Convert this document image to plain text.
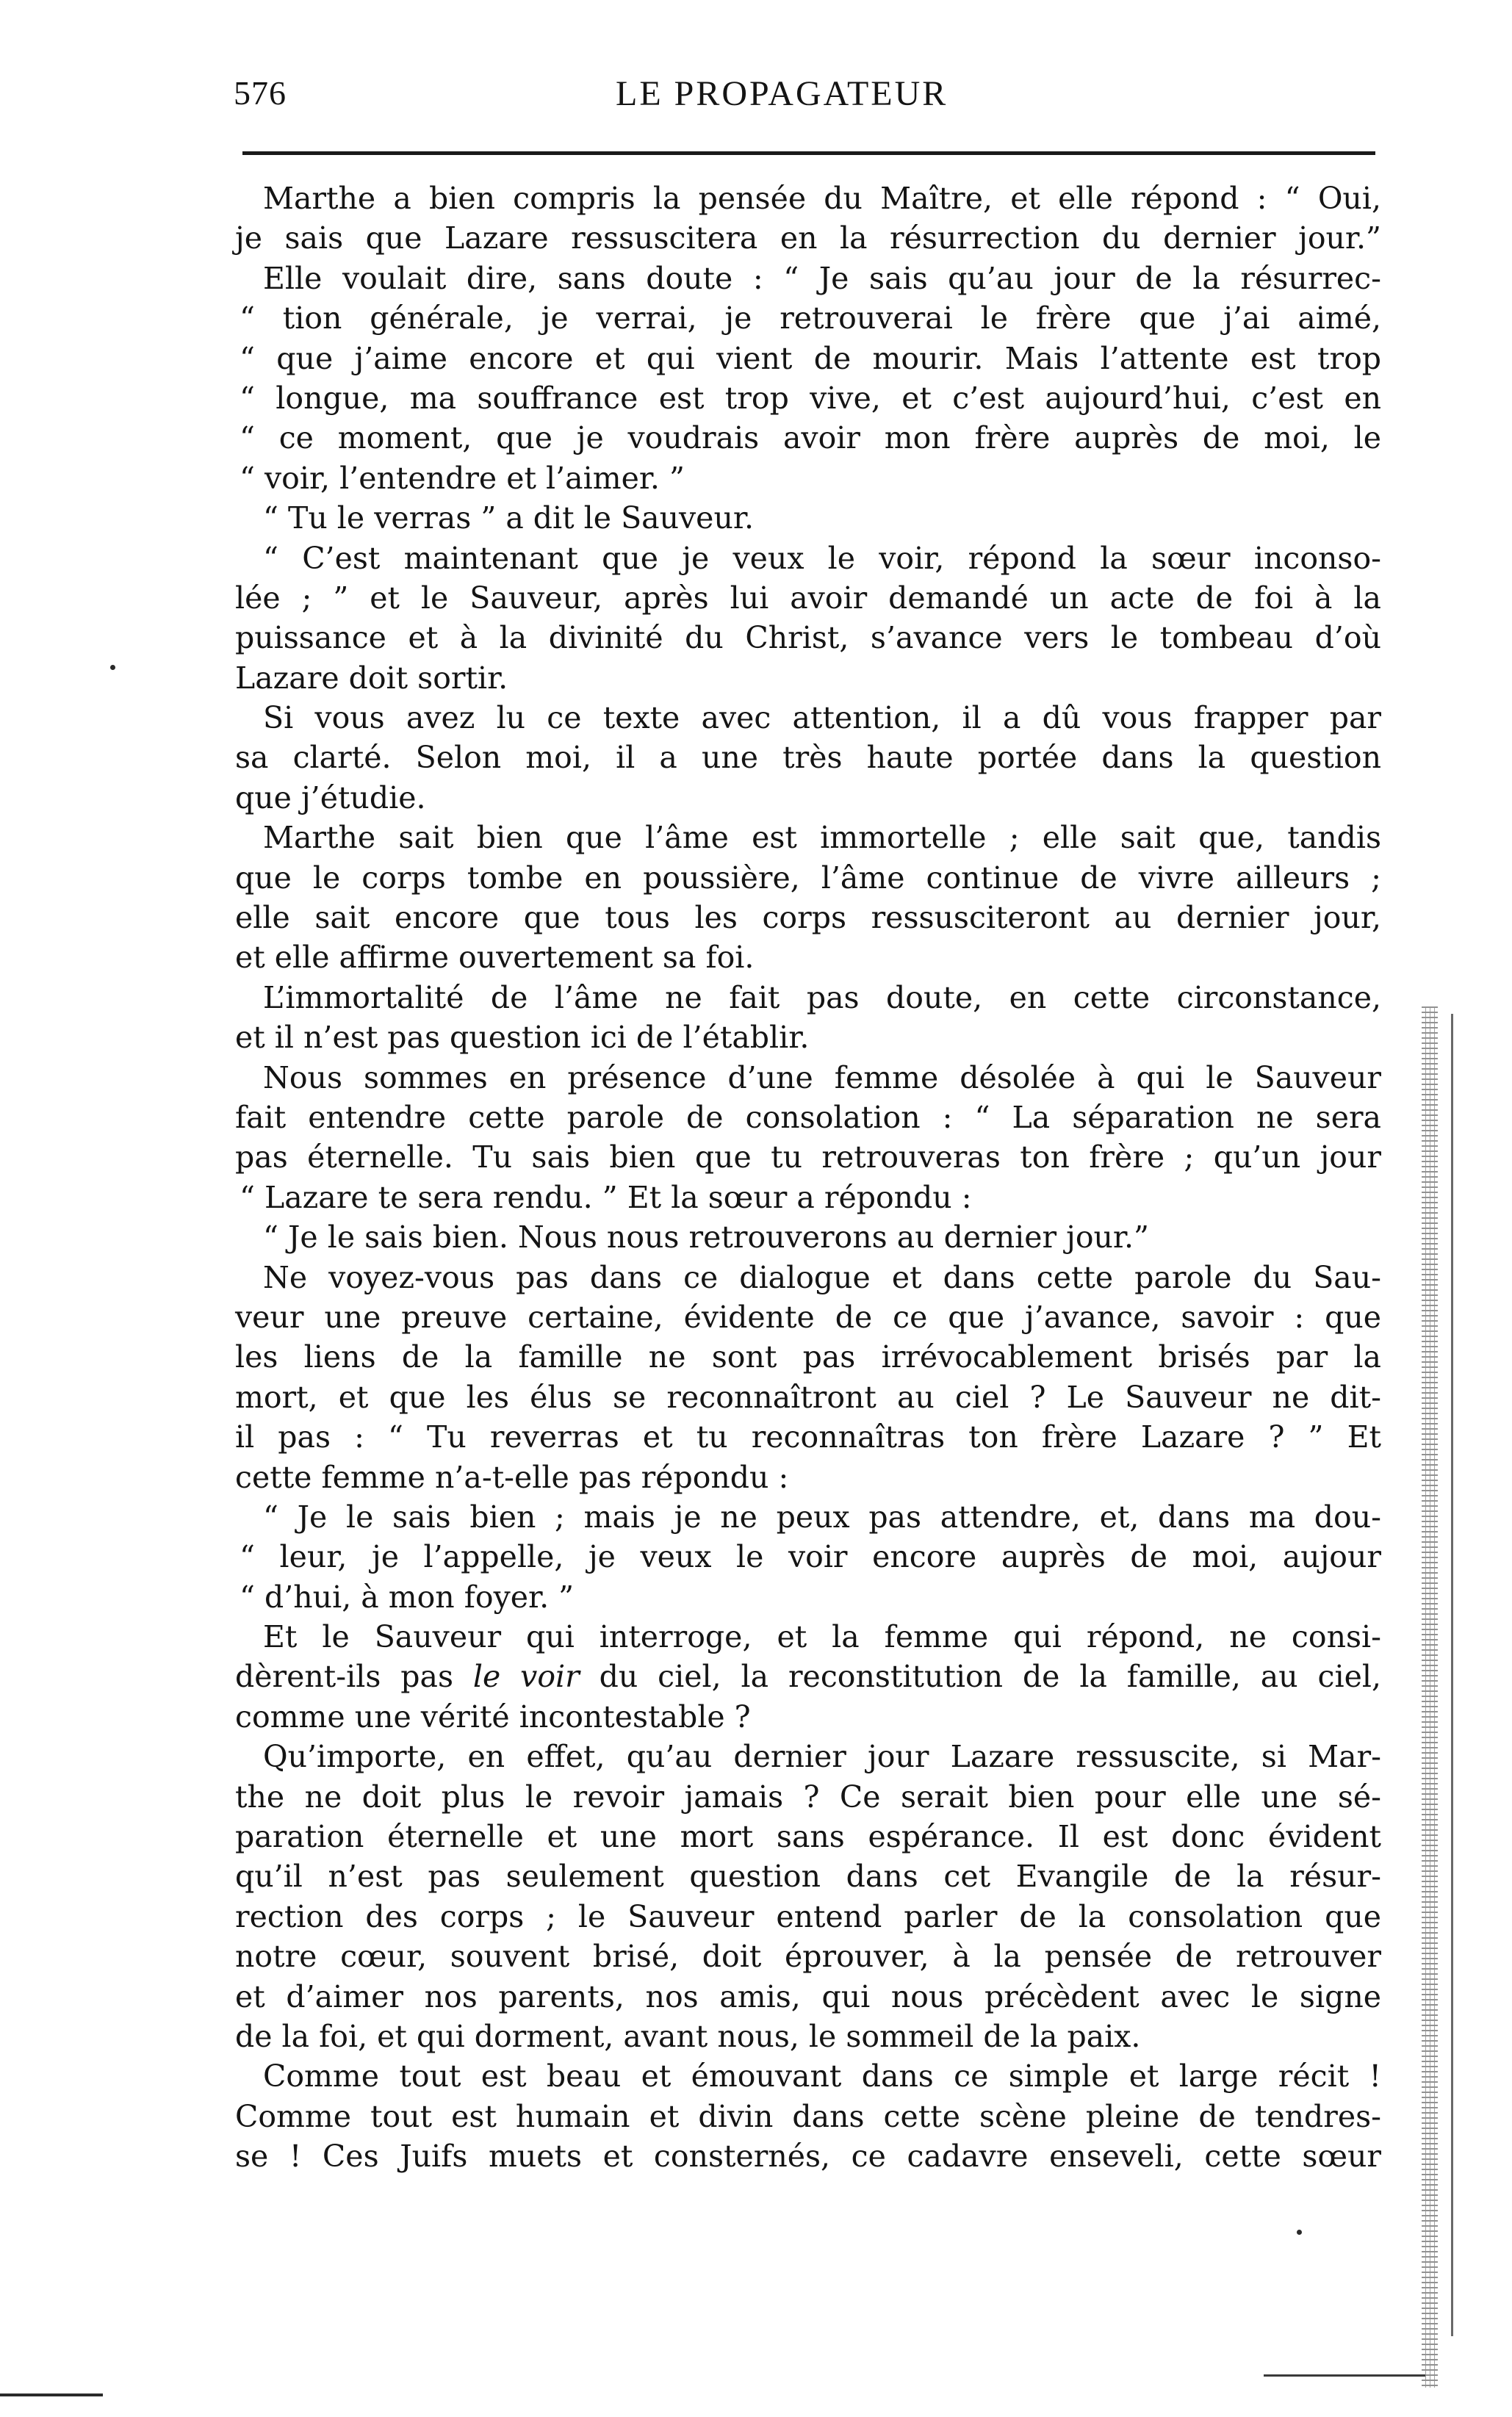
576	LE PROPAGATEUR
Marthe a bien compris la pensée du Maître, et elle répond : “ Oui,
je sais que Lazare ressuscitera en la résurrection du dernier jour.”
Elle voulait dire, sans doute : “ Je sais qu’au jour de la résurrec-
“ tion générale, je verrai, je retrouverai le frère que j’ai aimé,
“ que j’aime encore et qui vient de mourir. Mais l’attente est trop
“ longue, ma souffrance est trop vive, et c’est aujourd’hui, c’est en
“ ce moment, que je voudrais avoir mon frère auprès de moi, le
“ voir, l’entendre et l’aimer. ”
“ Tu le verras ” a dit le Sauveur.
“ C’est maintenant que je veux le voir, répond la sœur inconso-
lée ; ” et le Sauveur, après lui avoir demandé un acte de foi à la
puissance et à la divinité du Christ, s’avance vers le tombeau d’où
Lazare doit sortir.
Si vous avez lu ce texte avec attention, il a dû vous frapper par
sa clarté. Selon moi, il a une très haute portée dans la question
que j’étudie.
Marthe sait bien que l’âme est immortelle ; elle sait que, tandis
que le corps tombe en poussière, l’âme continue de vivre ailleurs ;
elle sait encore que tous les corps ressusciteront au dernier jour,
et elle affirme ouvertement sa foi.
L’immortalité de l’âme ne fait pas doute, en cette circonstance,
et il n’est pas question ici de l’établir.
Nous sommes en présence d’une femme désolée à qui le Sauveur
fait entendre cette parole de consolation : “ La séparation ne sera
pas éternelle. Tu sais bien que tu retrouveras ton frère ; qu’un jour
“ Lazare te sera rendu. ” Et la sœur a répondu :
“ Je le sais bien. Nous nous retrouverons au dernier jour.”
Ne voyez-vous pas dans ce dialogue et dans cette parole du Sau-
veur une preuve certaine, évidente de ce que j’avance, savoir : que
les liens de la famille ne sont pas irrévocablement brisés par la
mort, et que les élus se reconnaîtront au ciel ? Le Sauveur ne dit-
il pas : “ Tu reverras et tu reconnaîtras ton frère Lazare ? ” Et
cette femme n’a-t-elle pas répondu :
“ Je le sais bien ; mais je ne peux pas attendre, et, dans ma dou-
“ leur, je l’appelle, je veux le voir encore auprès de moi, aujour
“ d’hui, à mon foyer. ”
Et le Sauveur qui interroge, et la femme qui répond, ne consi-
dèrent-ils pas le voir du ciel, la reconstitution de la famille, au ciel,
comme une vérité incontestable ?
Qu’importe, en effet, qu’au dernier jour Lazare ressuscite, si Mar-
the ne doit plus le revoir jamais ? Ce serait bien pour elle une sé-
paration éternelle et une mort sans espérance. Il est donc évident
qu’il n’est pas seulement question dans cet Evangile de la résur-
rection des corps ; le Sauveur entend parler de la consolation que
notre cœur, souvent brisé, doit éprouver, à la pensée de retrouver
et d’aimer nos parents, nos amis, qui nous précèdent avec le signe
de la foi, et qui dorment, avant nous, le sommeil de la paix.
Comme tout est beau et émouvant dans ce simple et large récit !
Comme tout est humain et divin dans cette scène pleine de tendres-
se ! Ces Juifs muets et consternés, ce cadavre enseveli, cette sœur
